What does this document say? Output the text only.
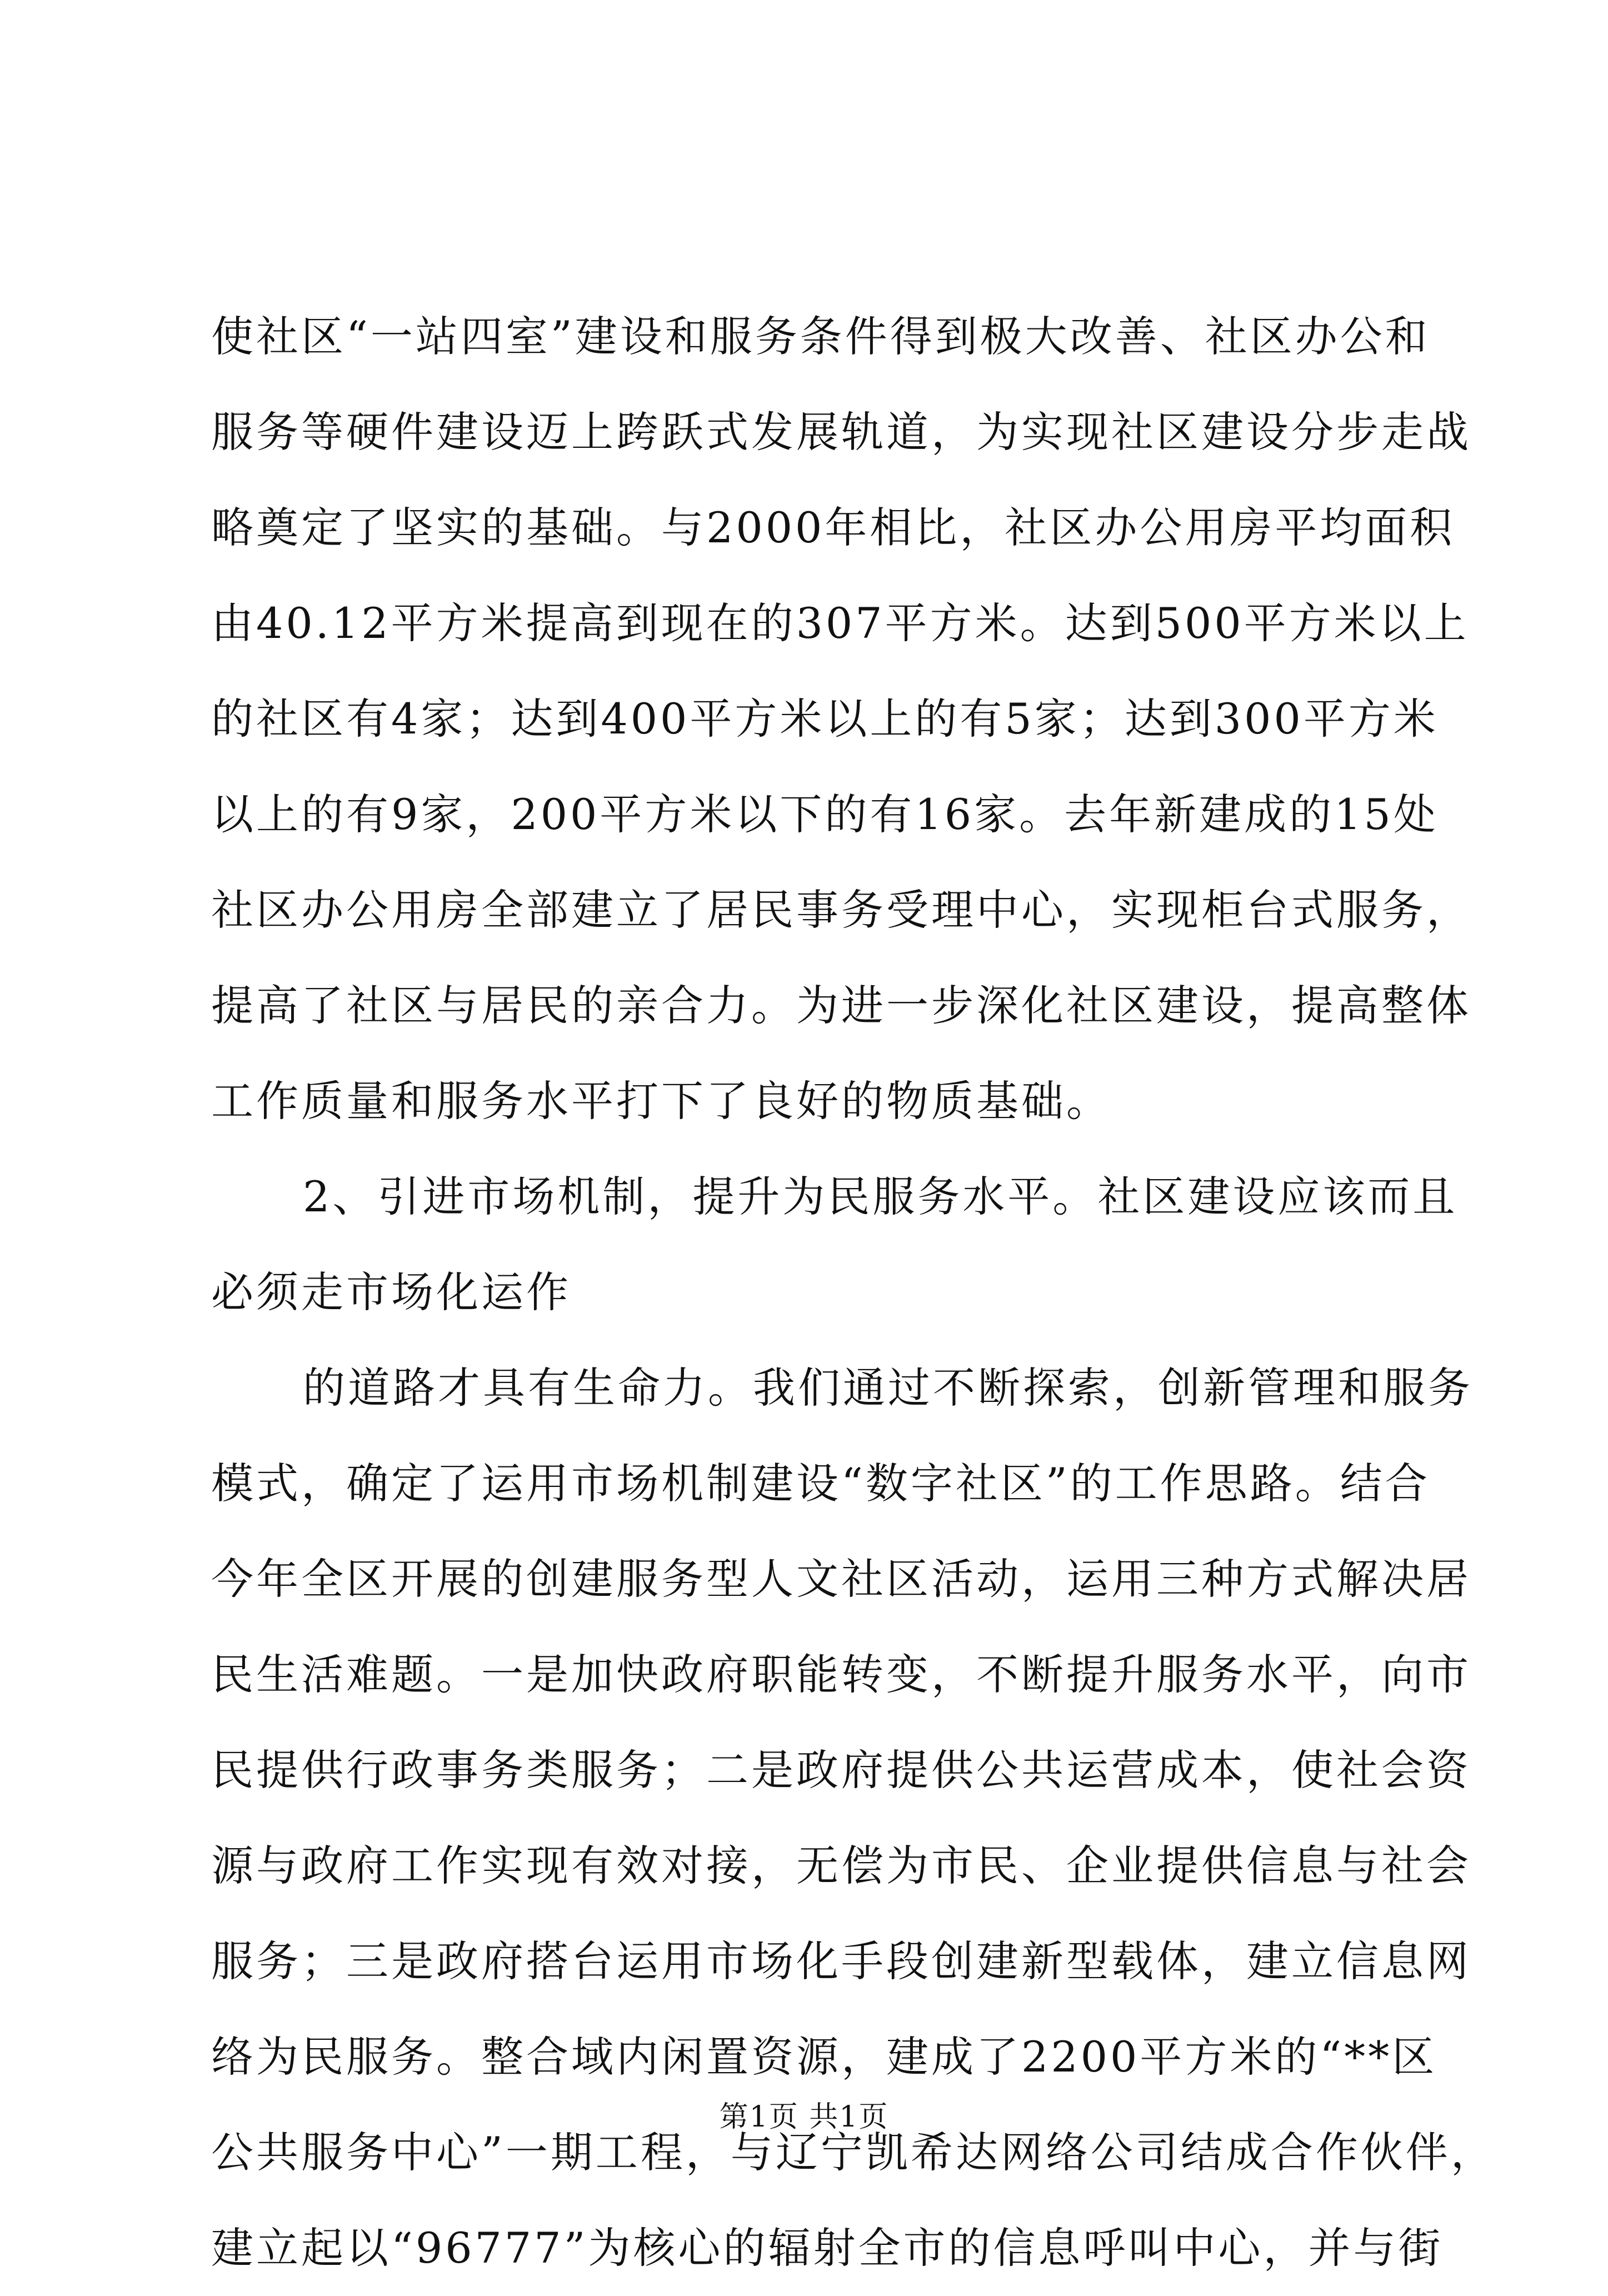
使社区“一站四室”建设和服务条件得到极大改善、社区办公和
服务等硬件建设迈上跨跃式发展轨道，为实现社区建设分步走战
略奠定了坚实的基础。与2000年相比，社区办公用房平均面积
由40.12平方米提高到现在的307平方米。达到500平方米以上
的社区有4家；达到400平方米以上的有5家；达到300平方米
以上的有9家，200平方米以下的有16家。去年新建成的15处
社区办公用房全部建立了居民事务受理中心，实现柜台式服务，
提高了社区与居民的亲合力。为进一步深化社区建设，提高整体
工作质量和服务水平打下了良好的物质基础。
2、引进市场机制，提升为民服务水平。社区建设应该而且
必须走市场化运作
的道路才具有生命力。我们通过不断探索，创新管理和服务
模式，确定了运用市场机制建设“数字社区”的工作思路。结合
今年全区开展的创建服务型人文社区活动，运用三种方式解决居
民生活难题。一是加快政府职能转变，不断提升服务水平，向市
民提供行政事务类服务；二是政府提供公共运营成本，使社会资
源与政府工作实现有效对接，无偿为市民、企业提供信息与社会
服务；三是政府搭台运用市场化手段创建新型载体，建立信息网
络为民服务。整合域内闲置资源，建成了2200平方米的“**区
公共服务中心”一期工程，与辽宁凯希达网络公司结成合作伙伴，
建立起以“96777”为核心的辐射全市的信息呼叫中心，并与街
第1页 共1页
